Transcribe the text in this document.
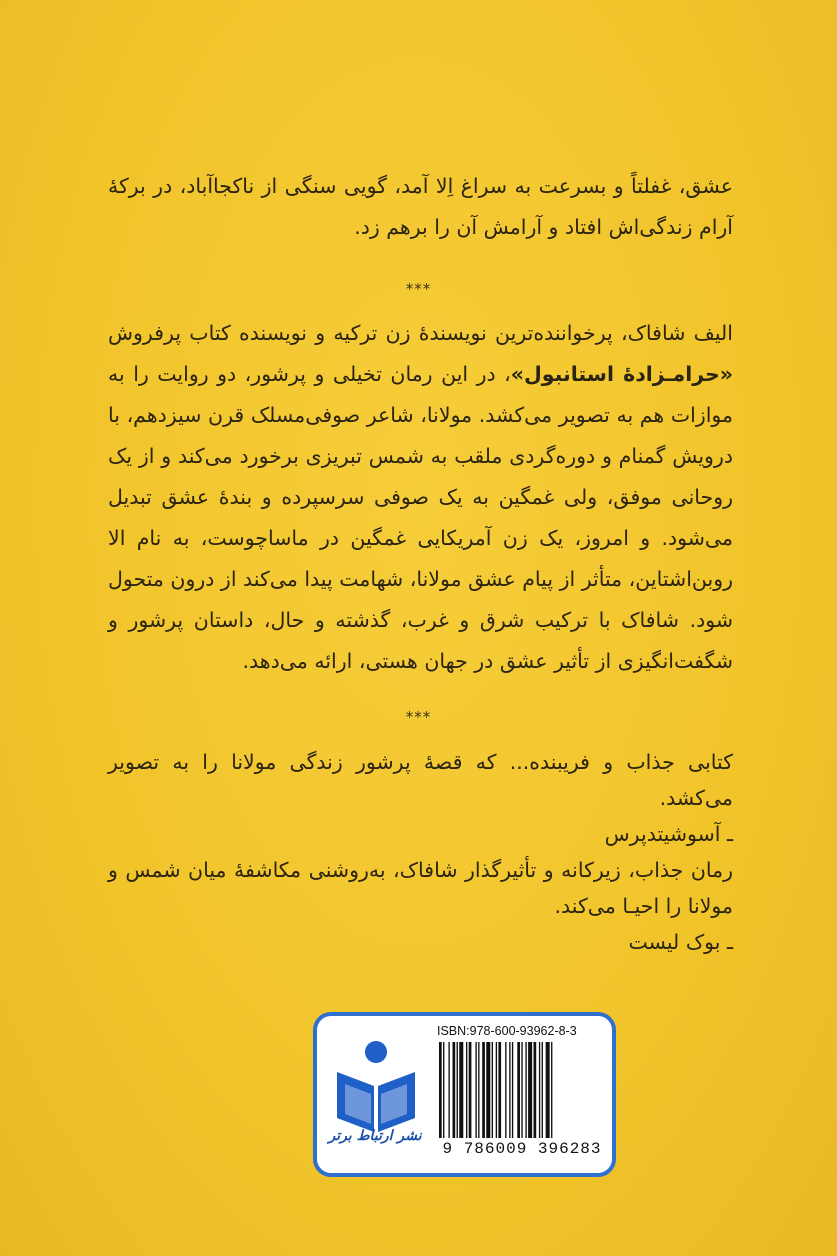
عشق، غفلتاً و بسرعت به سراغ اِلا آمد، گویی سنگی از ناکجاآباد، در برکهٔ آرام زندگی‌اش افتاد و آرامش آن را برهم زد.
***
الیف شافاک، پرخواننده‌ترین نویسندهٔ زن ترکیه و نویسنده کتاب پرفروش «حرامـزادهٔ استانبول»، در این رمان تخیلی و پرشور، دو روایت را به موازات هم به تصویر می‌کشد. مولانا، شاعر صوفی‌مسلک قرن سیزدهم، با درویش گمنام و دوره‌گردی ملقب به شمس تبریزی برخورد می‌کند و از یک روحانی موفق، ولی غمگین به یک صوفی سرسپرده و بندهٔ عشق تبدیل می‌شود. و امروز، یک زن آمریکایی غمگین در ماساچوست، به نام الا روبن‌اشتاین، متأثر از پیام عشق مولانا، شهامت پیدا می‌کند از درون متحول شود. شافاک با ترکیب شرق و غرب، گذشته و حال، داستان پرشور و شگفت‌انگیزی از تأثیر عشق در جهان هستی، ارائه می‌دهد.
***
کتابی جذاب و فریبنده... که قصهٔ پرشور زندگی مولانا را به تصویر می‌کشد.
ـ آسوشیتدپرس
رمان جذاب، زیرکانه و تأثیرگذار شافاک، به‌روشنی مکاشفهٔ میان شمس و مولانا را احیـا می‌کند.
ـ بوک لیست
نشر ارتباط برتر
ISBN:978-600-93962-8-3
9 786009 396283
